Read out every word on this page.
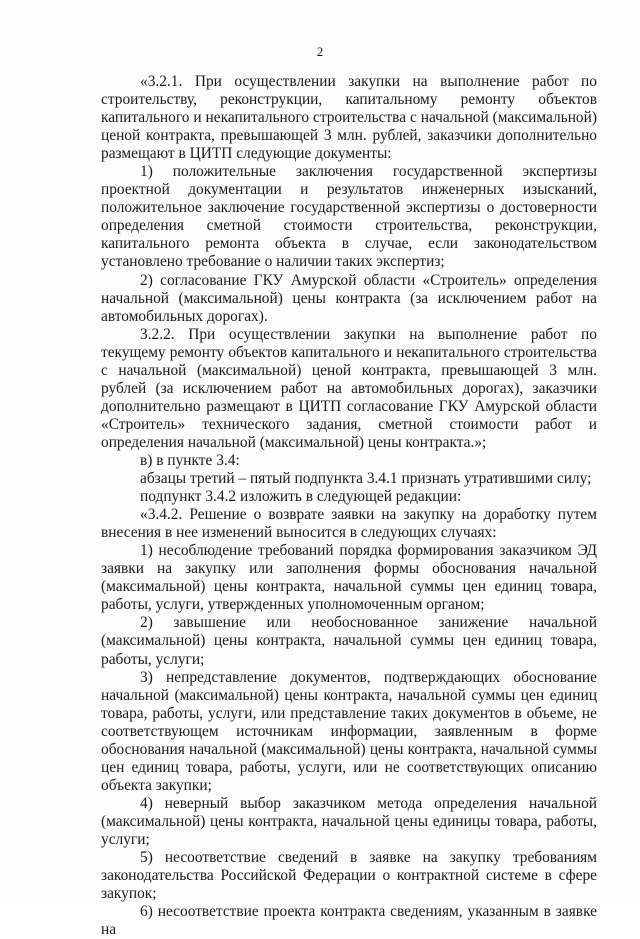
2

«3.2.1. При осуществлении закупки на выполнение работ по строительству, реконструкции, капитальному ремонту объектов капитального и некапитального строительства с начальной (максимальной) ценой контракта, превышающей 3 млн. рублей, заказчики дополнительно размещают в ЦИТП следующие документы:

1) положительные заключения государственной экспертизы проектной документации и результатов инженерных изысканий, положительное заключение государственной экспертизы о достоверности определения сметной стоимости строительства, реконструкции, капитального ремонта объекта в случае, если законодательством установлено требование о наличии таких экспертиз;

2) согласование ГКУ Амурской области «Строитель» определения начальной (максимальной) цены контракта (за исключением работ на автомобильных дорогах).

3.2.2. При осуществлении закупки на выполнение работ по текущему ремонту объектов капитального и некапитального строительства с начальной (максимальной) ценой контракта, превышающей 3 млн. рублей (за исключением работ на автомобильных дорогах), заказчики дополнительно размещают в ЦИТП согласование ГКУ Амурской области «Строитель» технического задания, сметной стоимости работ и определения начальной (максимальной) цены контракта.»;

в) в пункте 3.4:

абзацы третий – пятый подпункта 3.4.1 признать утратившими силу;

подпункт 3.4.2 изложить в следующей редакции:

«3.4.2. Решение о возврате заявки на закупку на доработку путем внесения в нее изменений выносится в следующих случаях:

1) несоблюдение требований порядка формирования заказчиком ЭД заявки на закупку или заполнения формы обоснования начальной (максимальной) цены контракта, начальной суммы цен единиц товара, работы, услуги, утвержденных уполномоченным органом;

2) завышение или необоснованное занижение начальной (максимальной) цены контракта, начальной суммы цен единиц товара, работы, услуги;

3) непредставление документов, подтверждающих обоснование начальной (максимальной) цены контракта, начальной суммы цен единиц товара, работы, услуги, или представление таких документов в объеме, не соответствующем источникам информации, заявленным в форме обоснования начальной (максимальной) цены контракта, начальной суммы цен единиц товара, работы, услуги, или не соответствующих описанию объекта закупки;

4) неверный выбор заказчиком метода определения начальной (максимальной) цены контракта, начальной цены единицы товара, работы, услуги;

5) несоответствие сведений в заявке на закупку требованиям законодательства Российской Федерации о контрактной системе в сфере закупок;

6) несоответствие проекта контракта сведениям, указанным в заявке на
